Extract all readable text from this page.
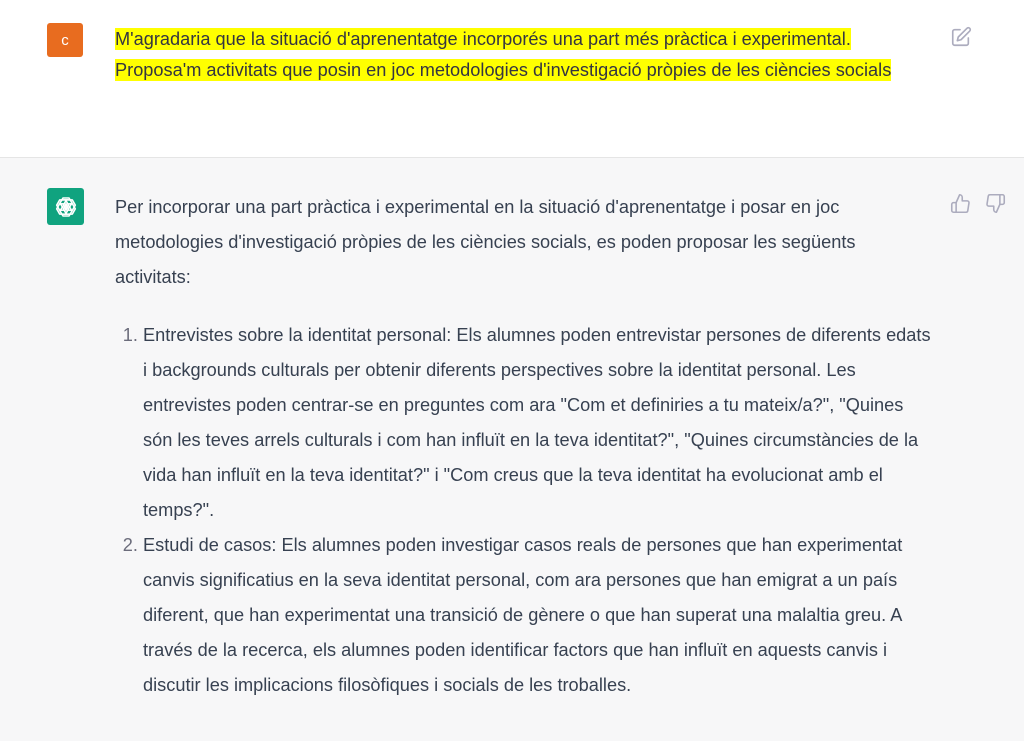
c	M'agradaria que la situació d'aprenentatge incorporés una part més pràctica i experimental. Proposa'm activitats que posin en joc metodologies d'investigació pròpies de les ciències socials

Per incorporar una part pràctica i experimental en la situació d'aprenentatge i posar en joc metodologies d'investigació pròpies de les ciències socials, es poden proposar les següents activitats:

1. Entrevistes sobre la identitat personal: Els alumnes poden entrevistar persones de diferents edats i backgrounds culturals per obtenir diferents perspectives sobre la identitat personal. Les entrevistes poden centrar-se en preguntes com ara "Com et definiries a tu mateix/a?", "Quines són les teves arrels culturals i com han influït en la teva identitat?", "Quines circumstàncies de la vida han influït en la teva identitat?" i "Com creus que la teva identitat ha evolucionat amb el temps?".
2. Estudi de casos: Els alumnes poden investigar casos reals de persones que han experimentat canvis significatius en la seva identitat personal, com ara persones que han emigrat a un país diferent, que han experimentat una transició de gènere o que han superat una malaltia greu. A través de la recerca, els alumnes poden identificar factors que han influït en aquests canvis i discutir les implicacions filosòfiques i socials de les troballes.
